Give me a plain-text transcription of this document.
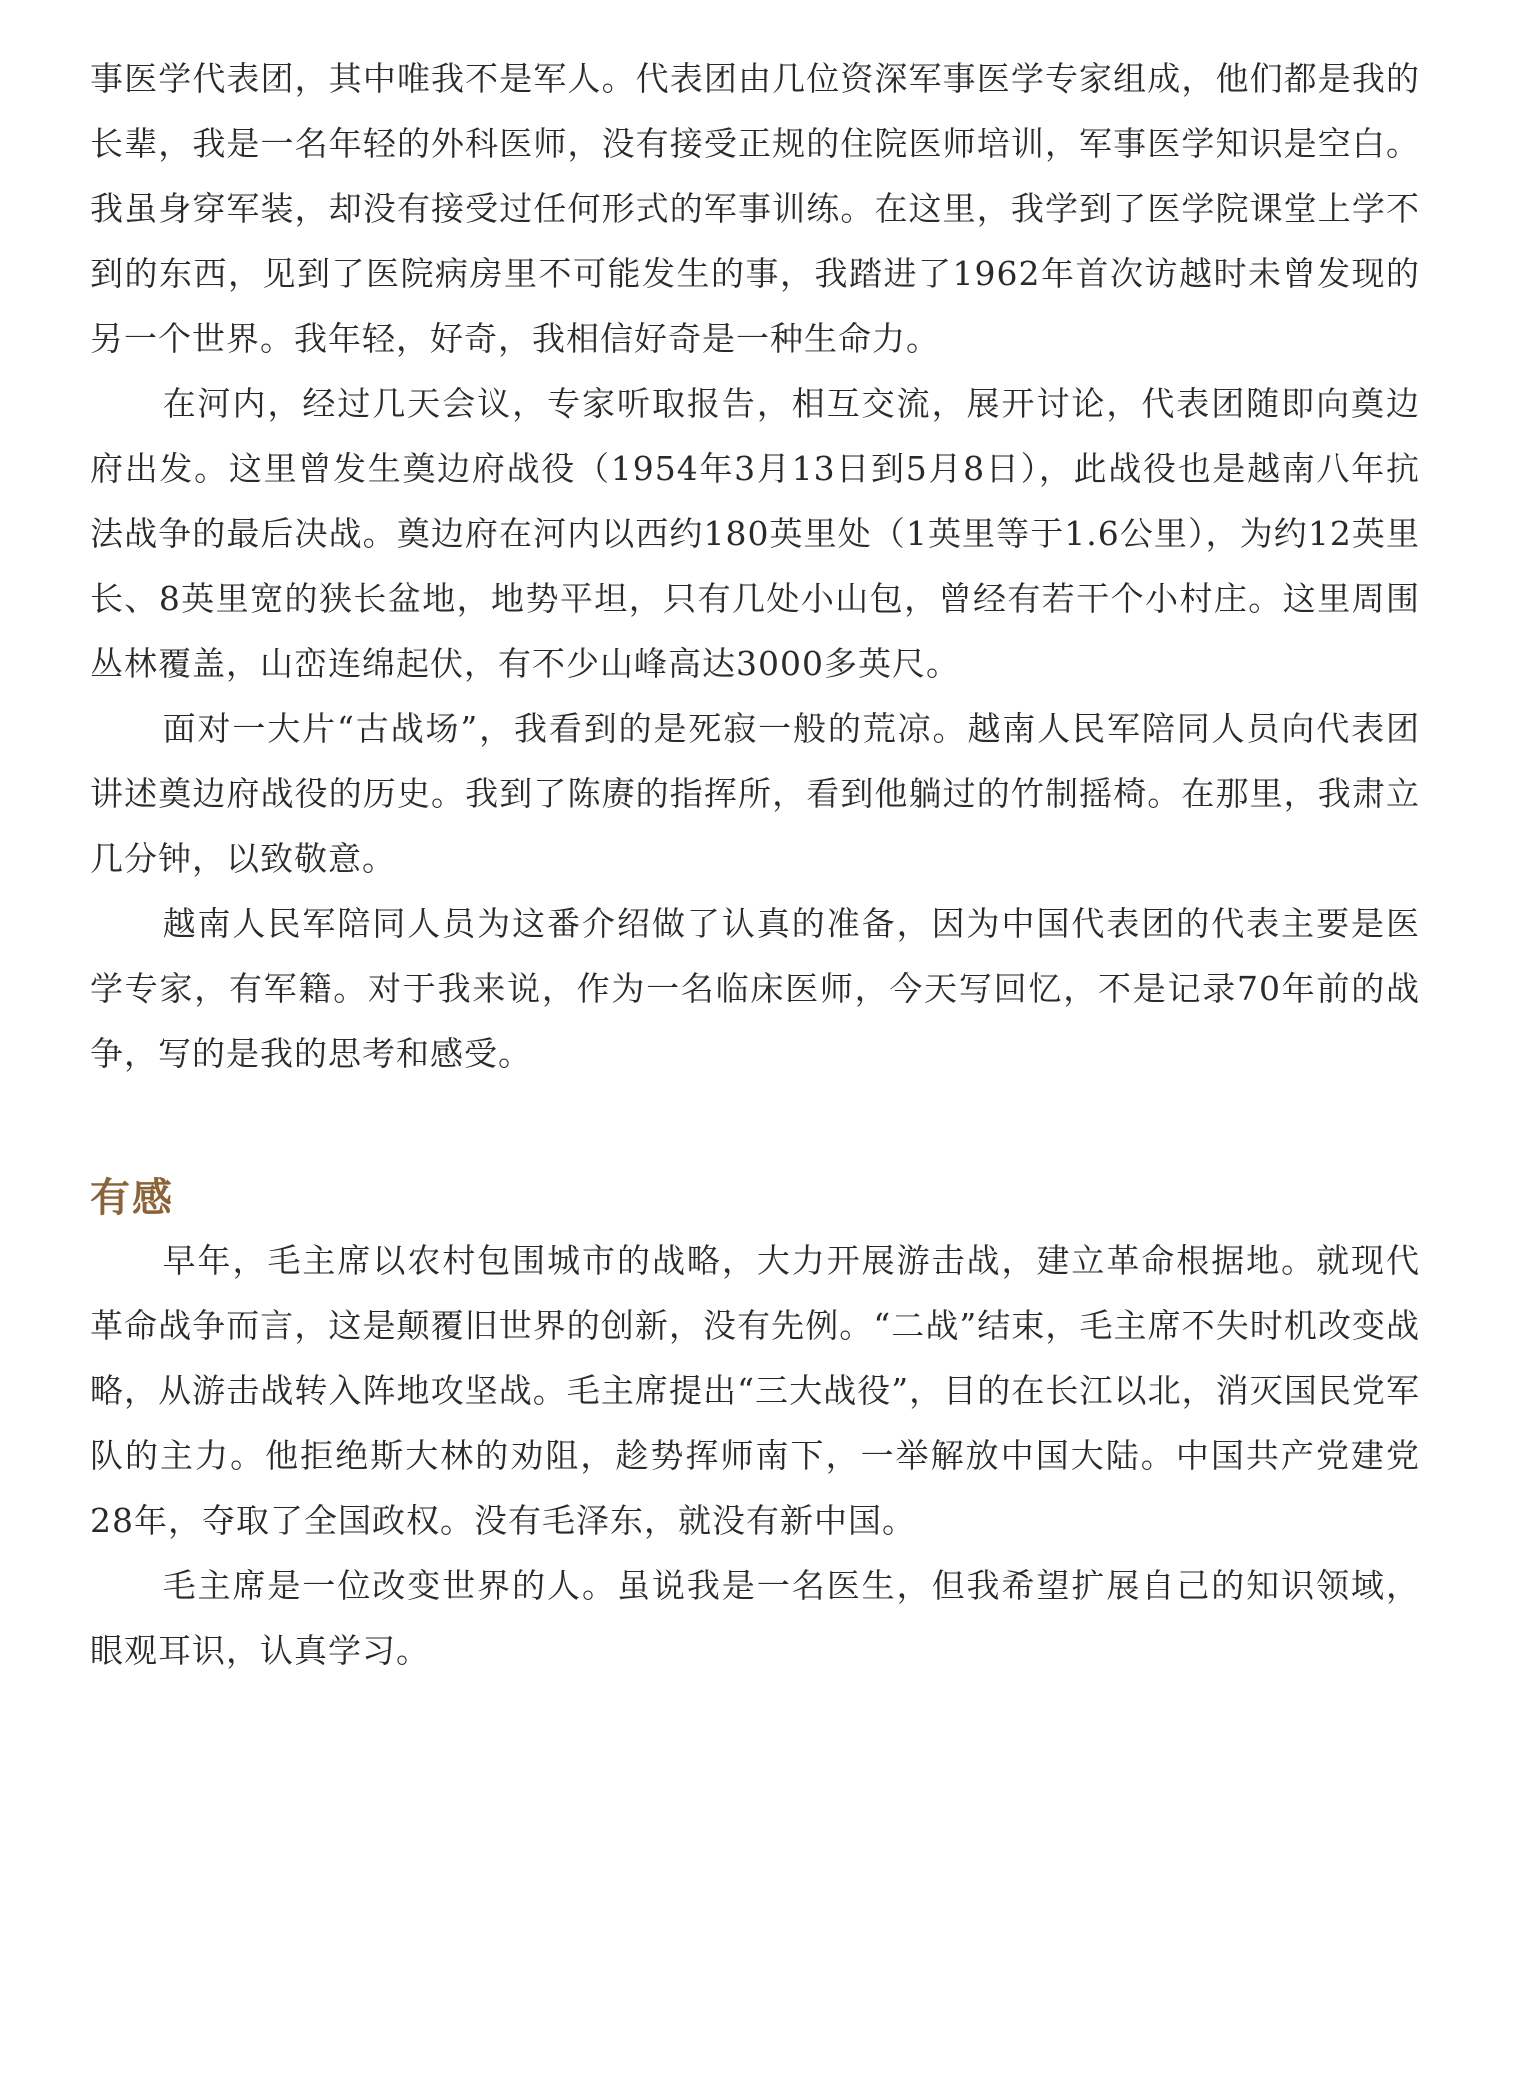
事医学代表团，其中唯我不是军人。代表团由几位资深军事医学专家组成，他们都是我的长辈，我是一名年轻的外科医师，没有接受正规的住院医师培训，军事医学知识是空白。我虽身穿军装，却没有接受过任何形式的军事训练。在这里，我学到了医学院课堂上学不到的东西，见到了医院病房里不可能发生的事，我踏进了1962年首次访越时未曾发现的另一个世界。我年轻，好奇，我相信好奇是一种生命力。

在河内，经过几天会议，专家听取报告，相互交流，展开讨论，代表团随即向奠边府出发。这里曾发生奠边府战役（1954年3月13日到5月8日），此战役也是越南八年抗法战争的最后决战。奠边府在河内以西约180英里处（1英里等于1.6公里），为约12英里长、8英里宽的狭长盆地，地势平坦，只有几处小山包，曾经有若干个小村庄。这里周围丛林覆盖，山峦连绵起伏，有不少山峰高达3000多英尺。

面对一大片“古战场”，我看到的是死寂一般的荒凉。越南人民军陪同人员向代表团讲述奠边府战役的历史。我到了陈赓的指挥所，看到他躺过的竹制摇椅。在那里，我肃立几分钟，以致敬意。

越南人民军陪同人员为这番介绍做了认真的准备，因为中国代表团的代表主要是医学专家，有军籍。对于我来说，作为一名临床医师，今天写回忆，不是记录70年前的战争，写的是我的思考和感受。

有感

早年，毛主席以农村包围城市的战略，大力开展游击战，建立革命根据地。就现代革命战争而言，这是颠覆旧世界的创新，没有先例。“二战”结束，毛主席不失时机改变战略，从游击战转入阵地攻坚战。毛主席提出“三大战役”，目的在长江以北，消灭国民党军队的主力。他拒绝斯大林的劝阻，趁势挥师南下，一举解放中国大陆。中国共产党建党28年，夺取了全国政权。没有毛泽东，就没有新中国。

毛主席是一位改变世界的人。虽说我是一名医生，但我希望扩展自己的知识领域，眼观耳识，认真学习。
